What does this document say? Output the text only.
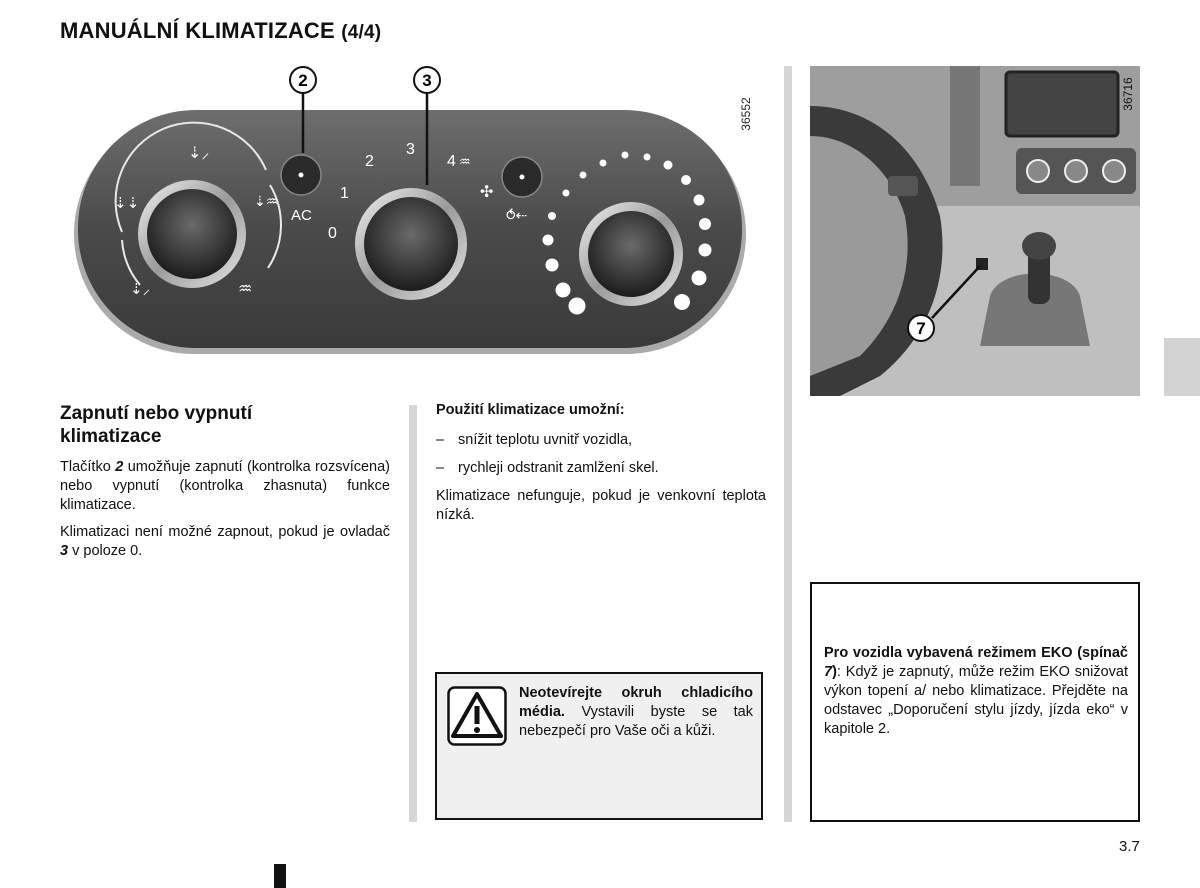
MANUÁLNÍ KLIMATIZACE (4/4)
⇣⸝
⇣⇣	⇣♒
⇣⸝	♒
AC
2
0
1
2
3
4 ♒
✣
3
⥀⇠
36552
7
36716
Zapnutí nebo vypnutí klimatizace
Tlačítko 2 umožňuje zapnutí (kontrolka rozsvícena) nebo vypnutí (kontrolka zhasnuta) funkce klimatizace.
Klimatizaci není možné zapnout, pokud je ovladač 3 v poloze 0.
Použití klimatizace umožní:
– snížit teplotu uvnitř vozidla,
– rychleji odstranit zamlžení skel.
Klimatizace nefunguje, pokud je venkovní teplota nízká.
Neotevírejte okruh chladicího média. Vystavili byste se tak nebezpečí pro Vaše oči a kůži.
Pro vozidla vybavená režimem EKO (spínač 7): Když je zapnutý, může režim EKO snižovat výkon topení a/ nebo klimatizace. Přejděte na odstavec „Doporučení stylu jízdy, jízda eko“ v kapitole 2.
3.7
